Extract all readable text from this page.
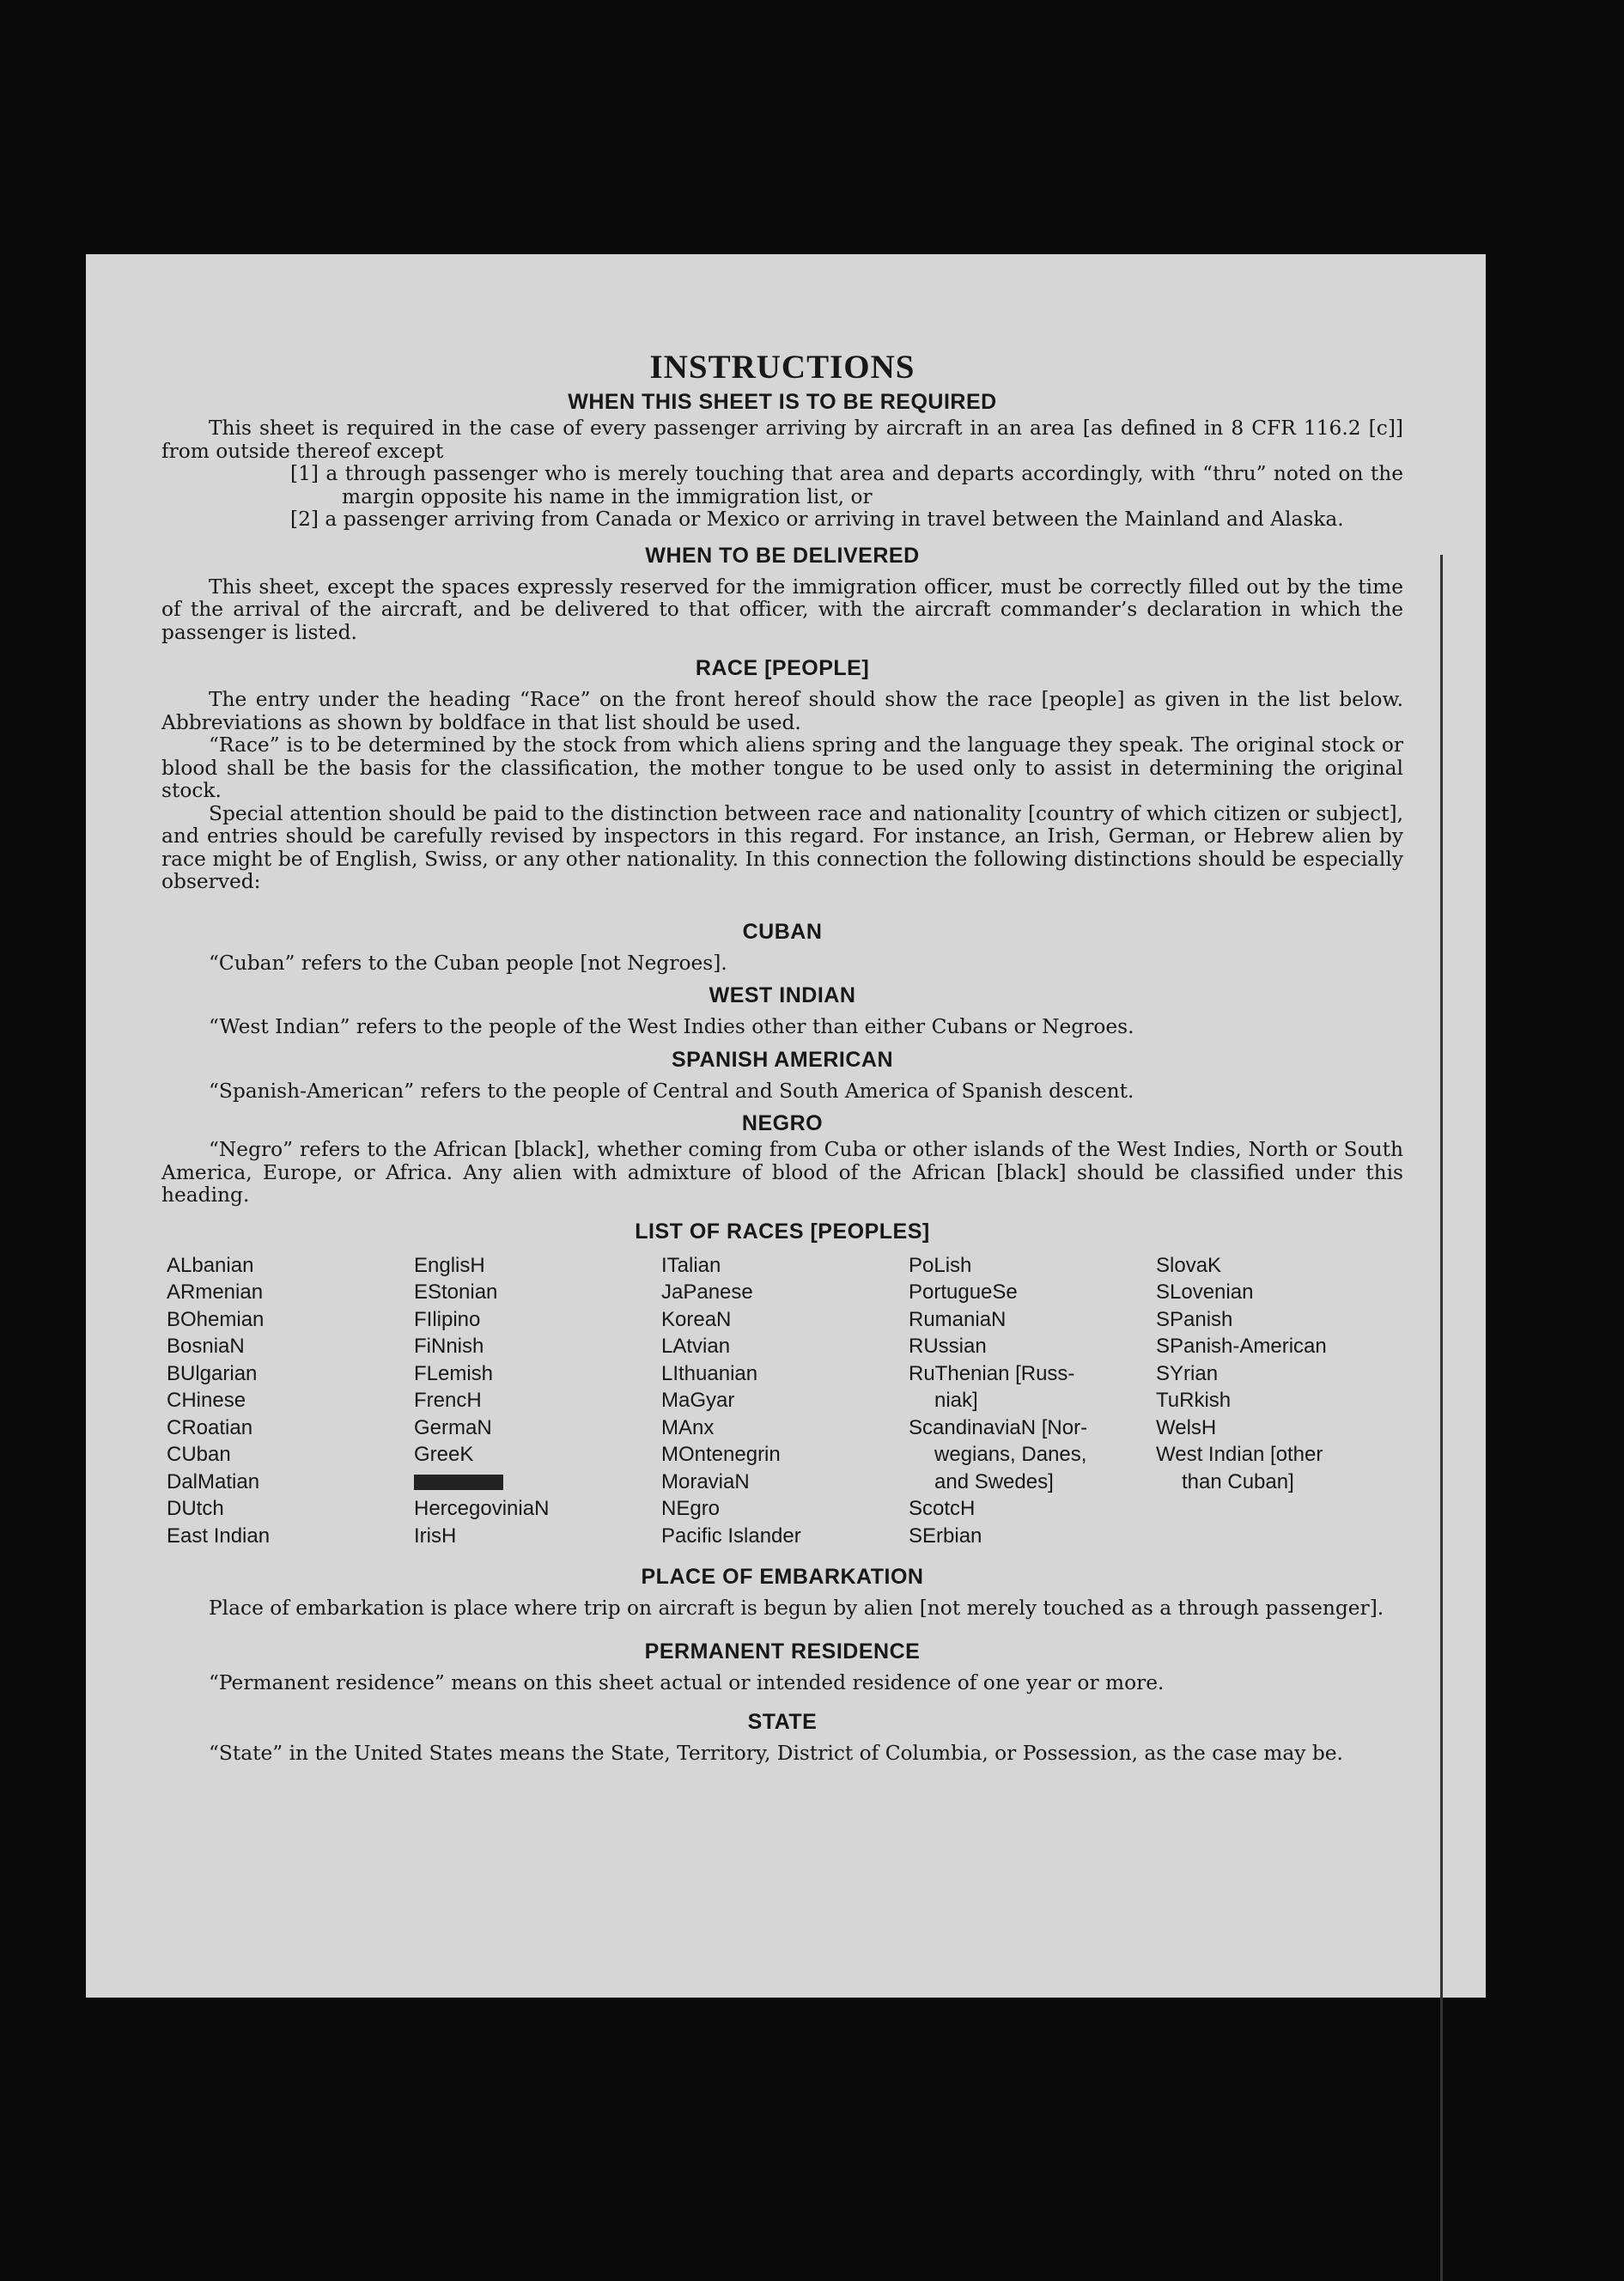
INSTRUCTIONS
WHEN THIS SHEET IS TO BE REQUIRED

This sheet is required in the case of every passenger arriving by aircraft in an area [as defined in 8 CFR 116.2 [c]] from outside thereof except

[1] a through passenger who is merely touching that area and departs accordingly, with “thru” noted on the margin opposite his name in the immigration list, or

[2] a passenger arriving from Canada or Mexico or arriving in travel between the Mainland and Alaska.

WHEN TO BE DELIVERED

This sheet, except the spaces expressly reserved for the immigration officer, must be correctly filled out by the time of the arrival of the aircraft, and be delivered to that officer, with the aircraft commander’s declaration in which the passenger is listed.

RACE [PEOPLE]

The entry under the heading “Race” on the front hereof should show the race [people] as given in the list below. Abbreviations as shown by boldface in that list should be used.

“Race” is to be determined by the stock from which aliens spring and the language they speak. The original stock or blood shall be the basis for the classification, the mother tongue to be used only to assist in determining the original stock.

Special attention should be paid to the distinction between race and nationality [country of which citizen or subject], and entries should be carefully revised by inspectors in this regard. For instance, an Irish, German, or Hebrew alien by race might be of English, Swiss, or any other nationality. In this connection the following distinctions should be especially observed:

CUBAN

“Cuban” refers to the Cuban people [not Negroes].

WEST INDIAN

“West Indian” refers to the people of the West Indies other than either Cubans or Negroes.

SPANISH AMERICAN

“Spanish-American” refers to the people of Central and South America of Spanish descent.

NEGRO

“Negro” refers to the African [black], whether coming from Cuba or other islands of the West Indies, North or South America, Europe, or Africa. Any alien with admixture of blood of the African [black] should be classified under this heading.

LIST OF RACES [PEOPLES]
ALbanian
ARmenian
BOhemian
BosniaN
BUlgarian
CHinese
CRoatian
CUban
DalMatian
DUtch
East Indian
EnglisH
EStonian
FIlipino
FiNnish
FLemish
FrencH
GermaN
GreeK
HercegoviniaN
IrisH
ITalian
JaPanese
KoreaN
LAtvian
LIthuanian
MaGyar
MAnx
MOntenegrin
MoraviaN
NEgro
Pacific Islander
PoLish
PortugueSe
RumaniaN
RUssian
RuThenian [Russ-
niak]
ScandinaviaN [Nor-
wegians, Danes,
and Swedes]
ScotcH
SErbian
SlovaK
SLovenian
SPanish
SPanish-American
SYrian
TuRkish
WelsH
West Indian [other
than Cuban]
PLACE OF EMBARKATION

Place of embarkation is place where trip on aircraft is begun by alien [not merely touched as a through passenger].

PERMANENT RESIDENCE

“Permanent residence” means on this sheet actual or intended residence of one year or more.

STATE

“State” in the United States means the State, Territory, District of Columbia, or Possession, as the case may be.
